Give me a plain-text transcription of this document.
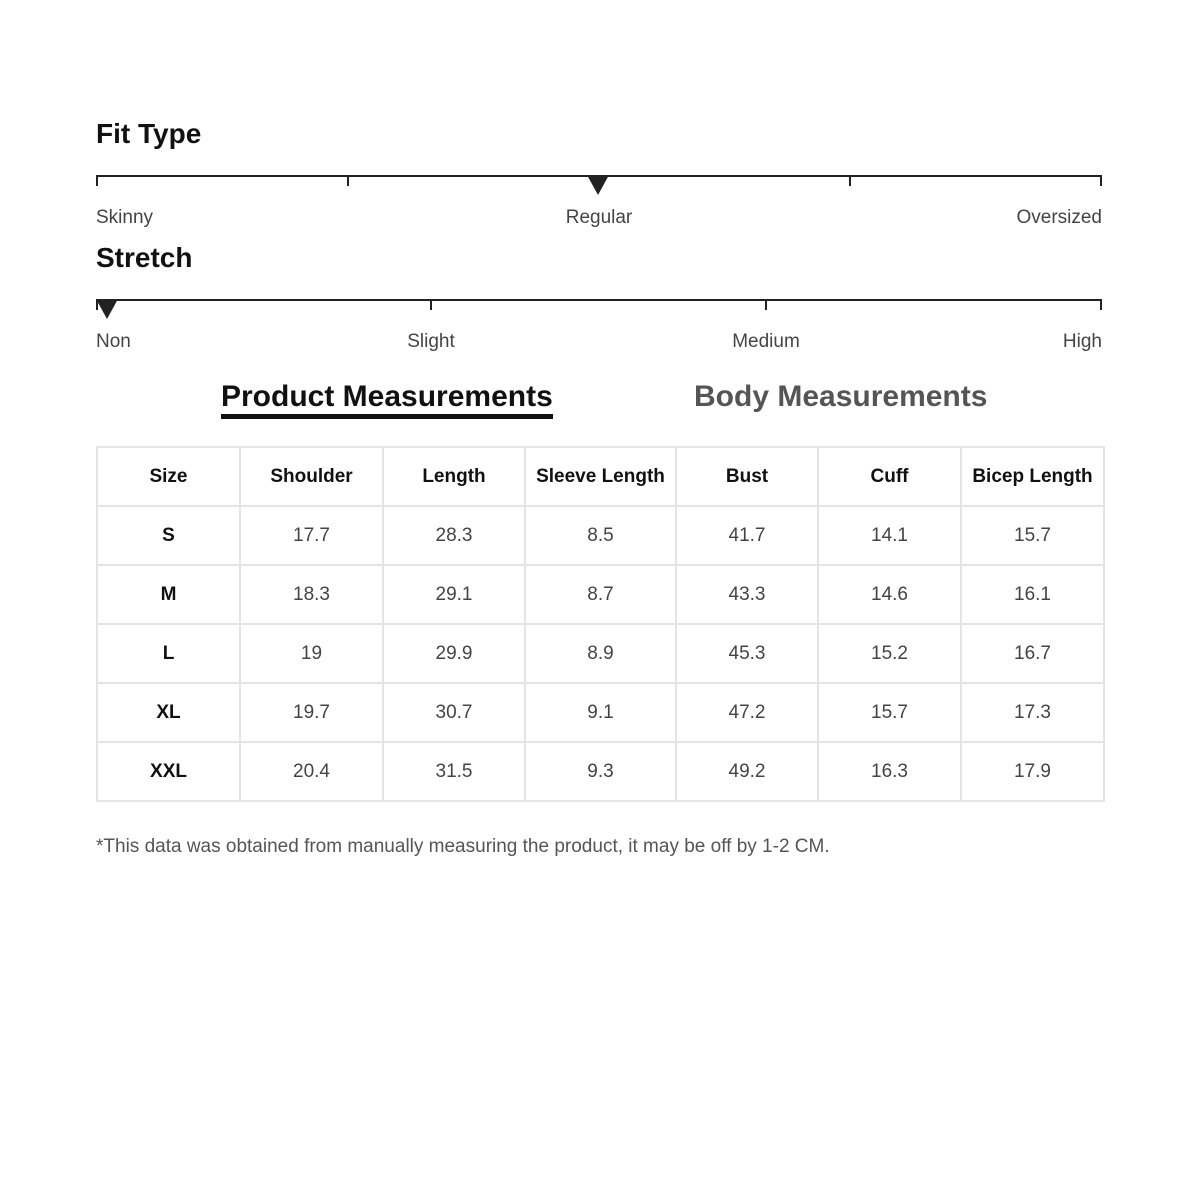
Fit Type
Skinny	Regular	Oversized
Stretch
Non	Slight	Medium	High
Product Measurements	Body Measurements
Size	Shoulder	Length	Sleeve Length	Bust	Cuff	Bicep Length
S	17.7	28.3	8.5	41.7	14.1	15.7
M	18.3	29.1	8.7	43.3	14.6	16.1
L	19	29.9	8.9	45.3	15.2	16.7
XL	19.7	30.7	9.1	47.2	15.7	17.3
XXL	20.4	31.5	9.3	49.2	16.3	17.9

*This data was obtained from manually measuring the product, it may be off by 1-2 CM.
